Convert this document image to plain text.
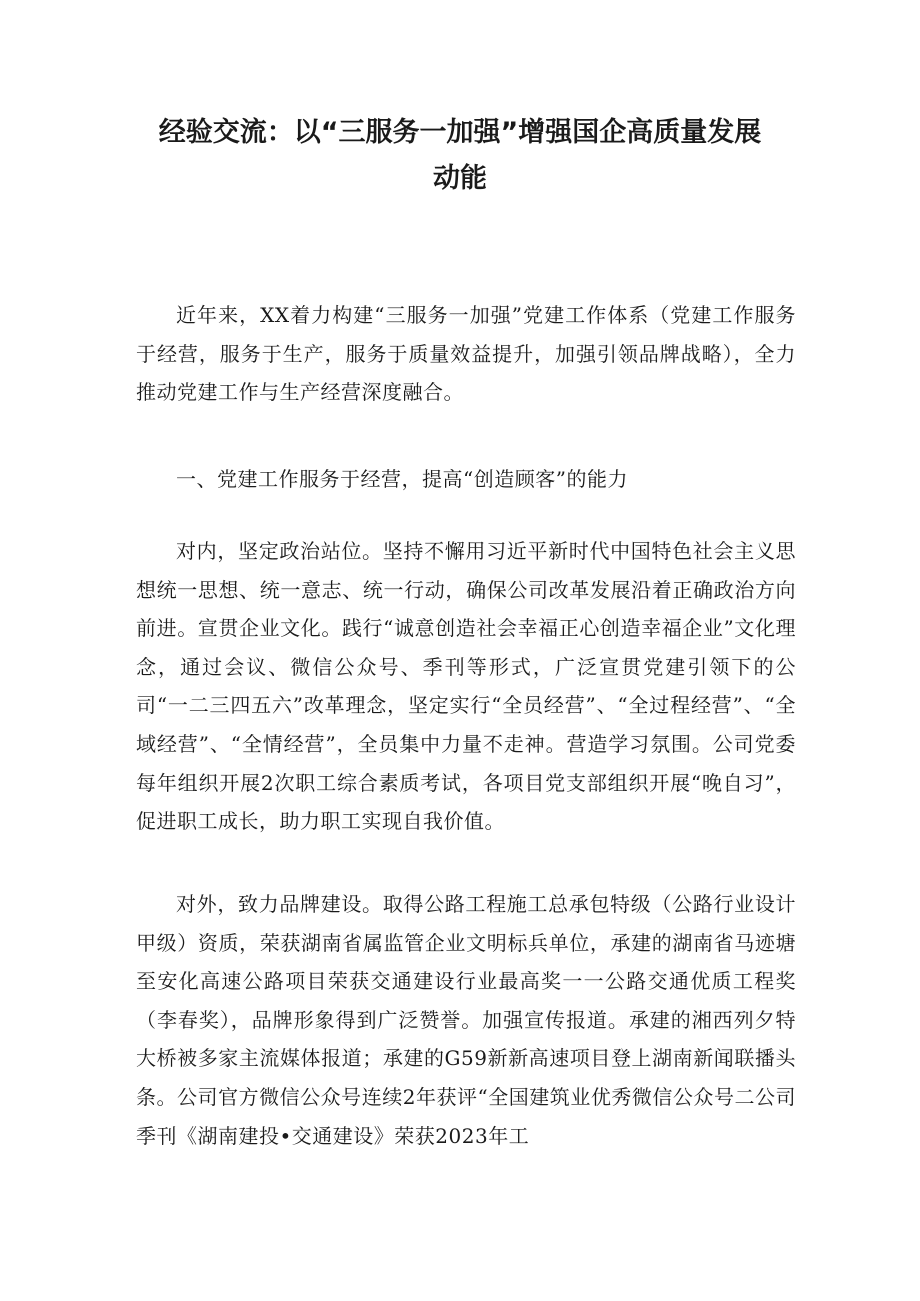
经验交流：以“三服务一加强”增强国企高质量发展
动能

近年来，XX着力构建“三服务一加强”党建工作体系（党建工作服务于经营，服务于生产，服务于质量效益提升，加强引领品牌战略），全力推动党建工作与生产经营深度融合。

一、党建工作服务于经营，提高“创造顾客”的能力

对内，坚定政治站位。坚持不懈用习近平新时代中国特色社会主义思想统一思想、统一意志、统一行动，确保公司改革发展沿着正确政治方向前进。宣贯企业文化。践行“诚意创造社会幸福正心创造幸福企业”文化理念，通过会议、微信公众号、季刊等形式，广泛宣贯党建引领下的公司“一二三四五六”改革理念，坚定实行“全员经营”、“全过程经营”、“全域经营”、“全情经营”，全员集中力量不走神。营造学习氛围。公司党委每年组织开展2次职工综合素质考试，各项目党支部组织开展“晚自习”，促进职工成长，助力职工实现自我价值。

对外，致力品牌建设。取得公路工程施工总承包特级（公路行业设计甲级）资质，荣获湖南省属监管企业文明标兵单位，承建的湖南省马迹塘至安化高速公路项目荣获交通建设行业最高奖一一公路交通优质工程奖（李春奖），品牌形象得到广泛赞誉。加强宣传报道。承建的湘西列夕特大桥被多家主流媒体报道；承建的G59新新高速项目登上湖南新闻联播头条。公司官方微信公众号连续2年获评“全国建筑业优秀微信公众号二公司季刊《湖南建投•交通建设》荣获2023年工
